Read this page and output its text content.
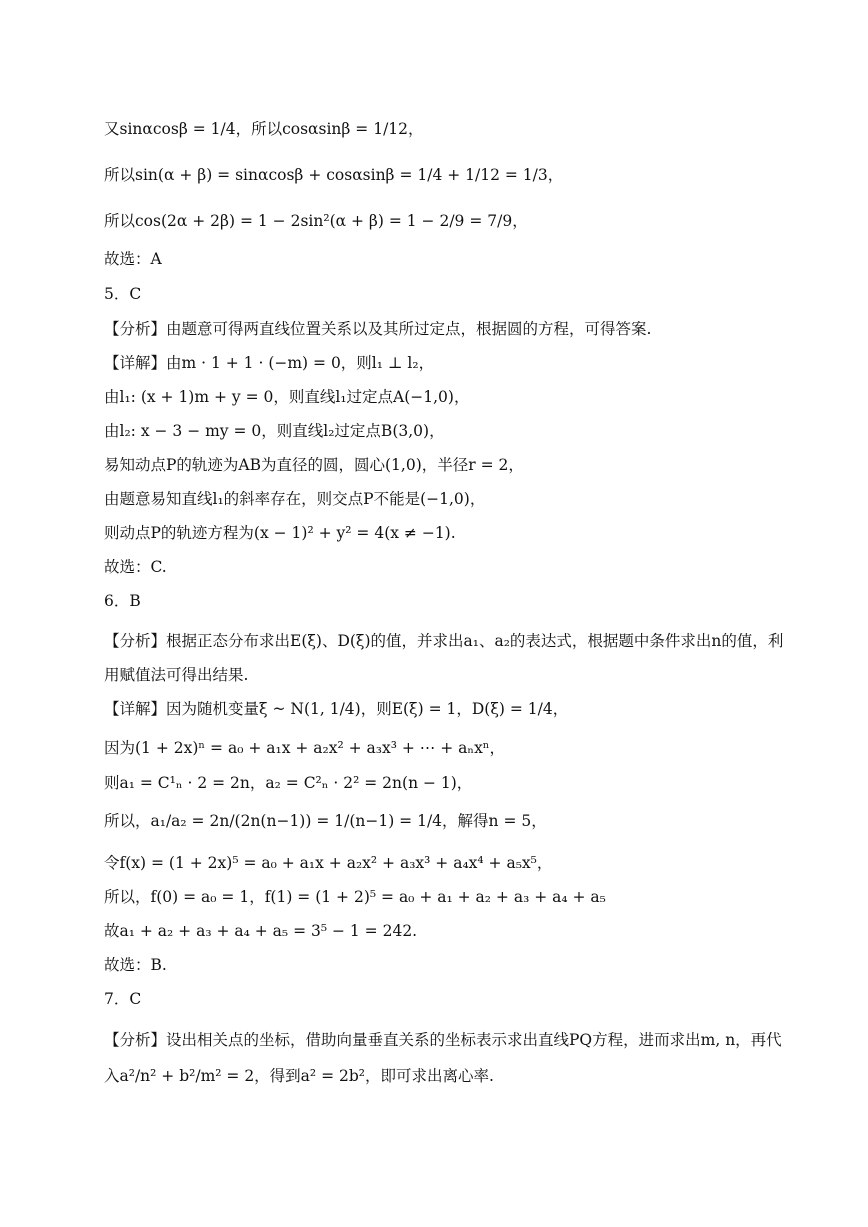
又sinαcosβ = 1/4，所以cosαsinβ = 1/12，
所以sin(α + β) = sinαcosβ + cosαsinβ = 1/4 + 1/12 = 1/3，
所以cos(2α + 2β) = 1 − 2sin²(α + β) = 1 − 2/9 = 7/9，
故选：A
5．C
【分析】由题意可得两直线位置关系以及其所过定点，根据圆的方程，可得答案.
【详解】由m · 1 + 1 · (−m) = 0，则l₁ ⊥ l₂，
由l₁: (x + 1)m + y = 0，则直线l₁过定点A(−1,0)，
由l₂: x − 3 − my = 0，则直线l₂过定点B(3,0)，
易知动点P的轨迹为AB为直径的圆，圆心(1,0)，半径r = 2，
由题意易知直线l₁的斜率存在，则交点P不能是(−1,0)，
则动点P的轨迹方程为(x − 1)² + y² = 4(x ≠ −1).
故选：C.
6．B
【分析】根据正态分布求出E(ξ)、D(ξ)的值，并求出a₁、a₂的表达式，根据题中条件求出n的值，利用赋值法可得出结果.
【详解】因为随机变量ξ ~ N(1, 1/4)，则E(ξ) = 1，D(ξ) = 1/4，
因为(1 + 2x)ⁿ = a₀ + a₁x + a₂x² + a₃x³ + ⋯ + aₙxⁿ，
则a₁ = C¹ₙ · 2 = 2n，a₂ = C²ₙ · 2² = 2n(n − 1)，
所以，a₁/a₂ = 2n/(2n(n−1)) = 1/(n−1) = 1/4，解得n = 5，
令f(x) = (1 + 2x)⁵ = a₀ + a₁x + a₂x² + a₃x³ + a₄x⁴ + a₅x⁵，
所以，f(0) = a₀ = 1，f(1) = (1 + 2)⁵ = a₀ + a₁ + a₂ + a₃ + a₄ + a₅
故a₁ + a₂ + a₃ + a₄ + a₅ = 3⁵ − 1 = 242.
故选：B.
7．C
【分析】设出相关点的坐标，借助向量垂直关系的坐标表示求出直线PQ方程，进而求出m, n，再代入a²/n² + b²/m² = 2，得到a² = 2b²，即可求出离心率.
